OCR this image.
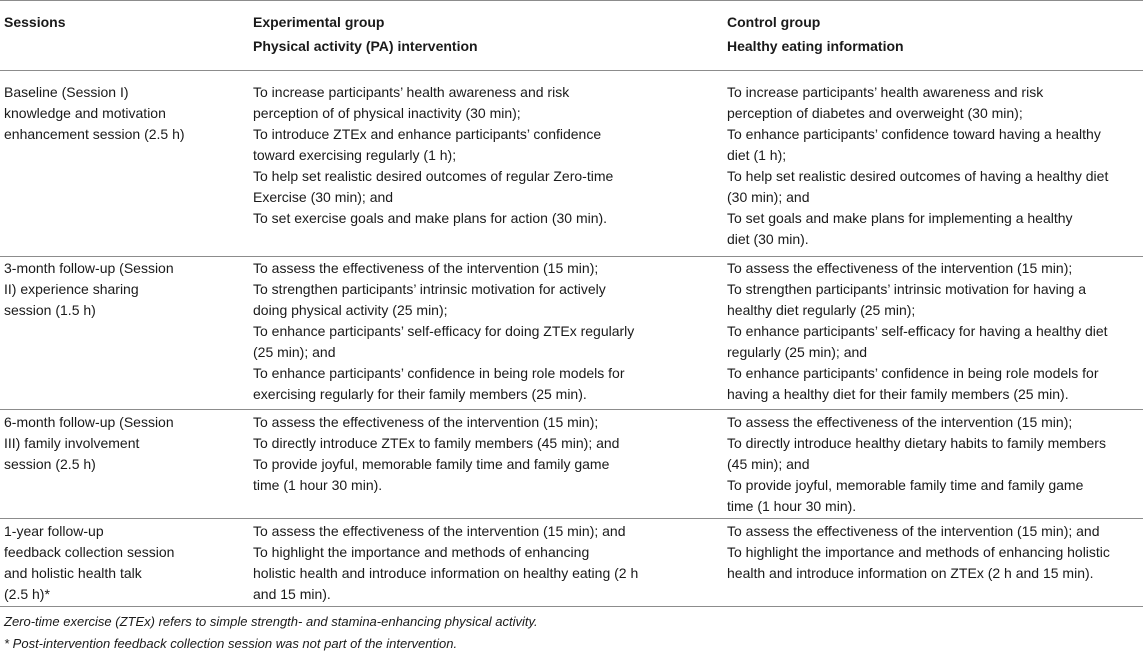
Sessions	Experimental group
Physical activity (PA) intervention
Control group
Healthy eating information
Baseline (Session I)
knowledge and motivation
enhancement session (2.5 h)
To increase participants’ health awareness and risk
perception of of physical inactivity (30 min);
To introduce ZTEx and enhance participants’ confidence
toward exercising regularly (1 h);
To help set realistic desired outcomes of regular Zero-time
Exercise (30 min); and
To set exercise goals and make plans for action (30 min).
To increase participants’ health awareness and risk
perception of diabetes and overweight (30 min);
To enhance participants’ confidence toward having a healthy
diet (1 h);
To help set realistic desired outcomes of having a healthy diet
(30 min); and
To set goals and make plans for implementing a healthy
diet (30 min).
3-month follow-up (Session
II) experience sharing
session (1.5 h)
To assess the effectiveness of the intervention (15 min);
To strengthen participants’ intrinsic motivation for actively
doing physical activity (25 min);
To enhance participants’ self-efficacy for doing ZTEx regularly
(25 min); and
To enhance participants’ confidence in being role models for
exercising regularly for their family members (25 min).
To assess the effectiveness of the intervention (15 min);
To strengthen participants’ intrinsic motivation for having a
healthy diet regularly (25 min);
To enhance participants’ self-efficacy for having a healthy diet
regularly (25 min); and
To enhance participants’ confidence in being role models for
having a healthy diet for their family members (25 min).
6-month follow-up (Session
III) family involvement
session (2.5 h)
To assess the effectiveness of the intervention (15 min);
To directly introduce ZTEx to family members (45 min); and
To provide joyful, memorable family time and family game
time (1 hour 30 min).
To assess the effectiveness of the intervention (15 min);
To directly introduce healthy dietary habits to family members
(45 min); and
To provide joyful, memorable family time and family game
time (1 hour 30 min).
1-year follow-up
feedback collection session
and holistic health talk
(2.5 h)*
To assess the effectiveness of the intervention (15 min); and
To highlight the importance and methods of enhancing
holistic health and introduce information on healthy eating (2 h
and 15 min).
To assess the effectiveness of the intervention (15 min); and
To highlight the importance and methods of enhancing holistic
health and introduce information on ZTEx (2 h and 15 min).
Zero-time exercise (ZTEx) refers to simple strength- and stamina-enhancing physical activity.
* Post-intervention feedback collection session was not part of the intervention.
